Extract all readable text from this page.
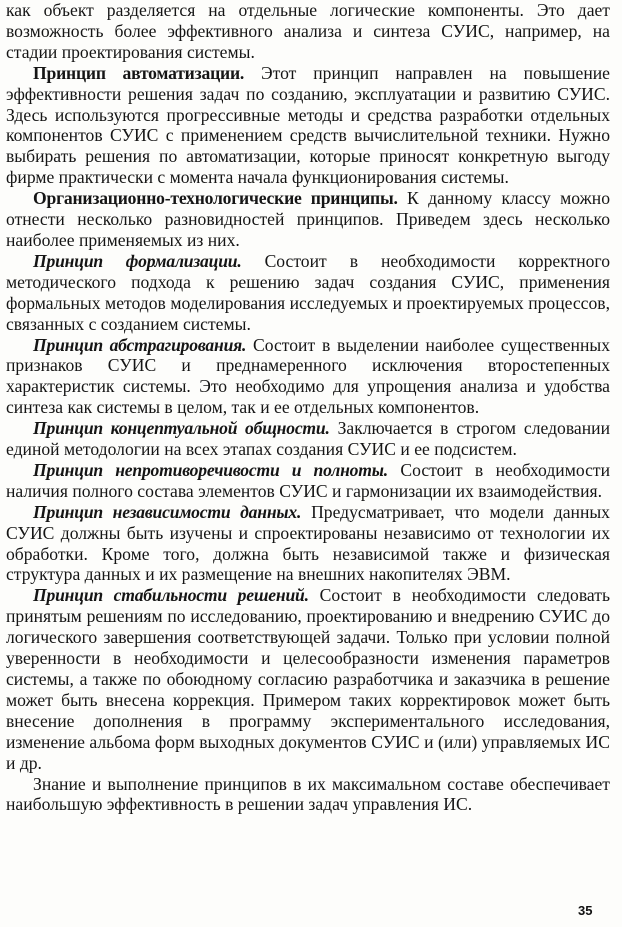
как объект разделяется на отдельные логические компоненты. Это дает возможность более эффективного анализа и синтеза СУИС, например, на стадии проектирования системы.

Принцип автоматизации. Этот принцип направлен на повышение эффективности решения задач по созданию, эксплуатации и развитию СУИС. Здесь используются прогрессивные методы и средства разработки отдельных компонентов СУИС с применением средств вычислительной техники. Нужно выбирать решения по автоматизации, которые приносят конкретную выгоду фирме практически с момента начала функционирования системы.

Организационно-технологические принципы. К данному классу можно отнести несколько разновидностей принципов. Приведем здесь несколько наиболее применяемых из них.

Принцип формализации. Состоит в необходимости корректного методического подхода к решению задач создания СУИС, применения формальных методов моделирования исследуемых и проектируемых процессов, связанных с созданием системы.

Принцип абстрагирования. Состоит в выделении наиболее существенных признаков СУИС и преднамеренного исключения второстепенных характеристик системы. Это необходимо для упрощения анализа и удобства синтеза как системы в целом, так и ее отдельных компонентов.

Принцип концептуальной общности. Заключается в строгом следовании единой методологии на всех этапах создания СУИС и ее подсистем.

Принцип непротиворечивости и полноты. Состоит в необходимости наличия полного состава элементов СУИС и гармонизации их взаимодействия.

Принцип независимости данных. Предусматривает, что модели данных СУИС должны быть изучены и спроектированы независимо от технологии их обработки. Кроме того, должна быть независимой также и физическая структура данных и их размещение на внешних накопителях ЭВМ.

Принцип стабильности решений. Состоит в необходимости следовать принятым решениям по исследованию, проектированию и внедрению СУИС до логического завершения соответствующей задачи. Только при условии полной уверенности в необходимости и целесообразности изменения параметров системы, а также по обоюдному согласию разработчика и заказчика в решение может быть внесена коррекция. Примером таких корректировок может быть внесение дополнения в программу экспериментального исследования, изменение альбома форм выходных документов СУИС и (или) управляемых ИС и др.

Знание и выполнение принципов в их максимальном составе обеспечивает наибольшую эффективность в решении задач управления ИС.

35
